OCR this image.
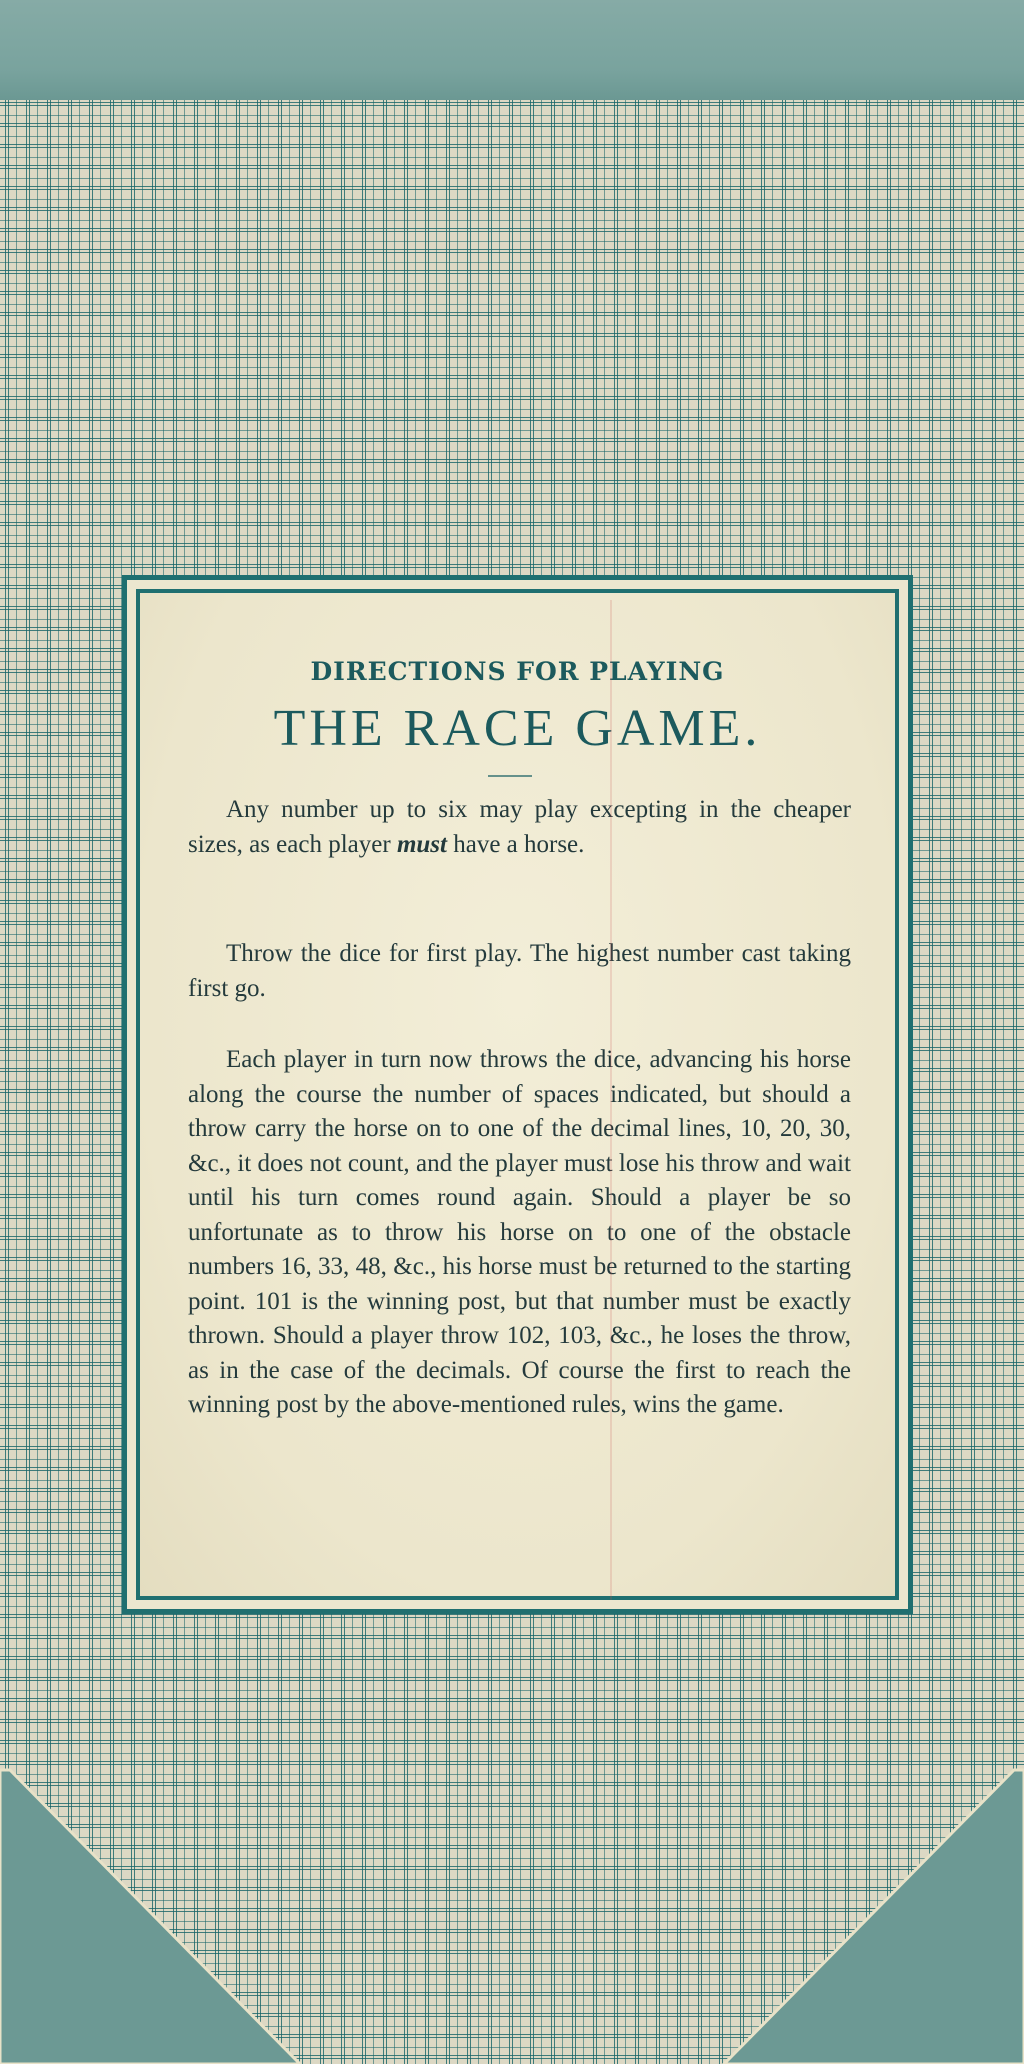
DIRECTIONS FOR PLAYING
THE RACE GAME.

Any number up to six may play excepting in the cheaper sizes, as each player must have a horse.

Throw the dice for first play. The highest number cast taking first go.

Each player in turn now throws the dice, advancing his horse along the course the number of spaces indicated, but should a throw carry the horse on to one of the decimal lines, 10, 20, 30, &c., it does not count, and the player must lose his throw and wait until his turn comes round again. Should a player be so unfortunate as to throw his horse on to one of the obstacle numbers 16, 33, 48, &c., his horse must be returned to the starting point. 101 is the winning post, but that number must be exactly thrown. Should a player throw 102, 103, &c., he loses the throw, as in the case of the decimals. Of course the first to reach the winning post by the above-mentioned rules, wins the game.
